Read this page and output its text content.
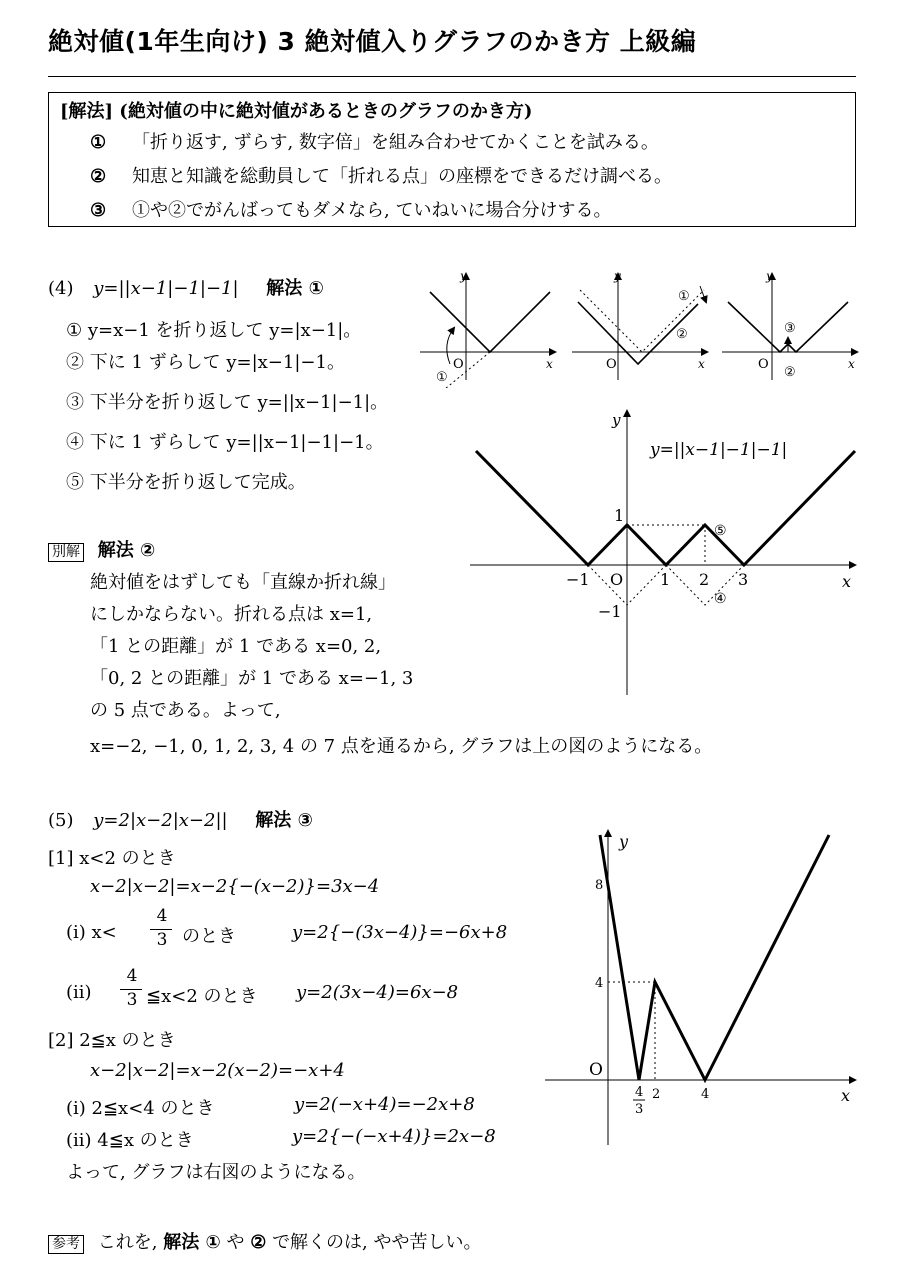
絶対値(1年生向け) 3 絶対値入りグラフのかき方 上級編
[解法] (絶対値の中に絶対値があるときのグラフのかき方)
① 「折り返す, ずらす, 数字倍」を組み合わせてかくことを試みる。
② 知恵と知識を総動員して「折れる点」の座標をできるだけ調べる。
③ ①や②でがんばってもダメなら, ていねいに場合分けする。
(4) y=||x−1|−1|−1| 解法 ①
① y=x−1 を折り返して y=|x−1|。
② 下に 1 ずらして y=|x−1|−1。
③ 下半分を折り返して y=||x−1|−1|。
④ 下に 1 ずらして y=||x−1|−1|−1。
⑤ 下半分を折り返して完成。
別解 解法 ②
絶対値をはずしても「直線か折れ線」
にしかならない。折れる点は x=1,
「1 との距離」が 1 である x=0, 2,
「0, 2 との距離」が 1 である x=−1, 3
の 5 点である。よって,
x=−2, −1, 0, 1, 2, 3, 4 の 7 点を通るから, グラフは上の図のようになる。
y
x
O
①
y
x
O
①
②
y
x
O
③
②
y
x
y=||x−1|−1|−1|
1
−1
−1 O 1 2 3
⑤
④
(5) y=2|x−2|x−2|| 解法 ③
[1] x<2 のとき
x−2|x−2|=x−2{−(x−2)}=3x−4
(i) x<
4
3 のとき	y=2{−(3x−4)}=−6x+8
(ii)
4
3 ≦x<2 のとき y=2(3x−4)=6x−8
[2] 2≦x のとき
x−2|x−2|=x−2(x−2)=−x+4
(i) 2≦x<4 のとき	y=2(−x+4)=−2x+8
(ii) 4≦x のとき	y=2{−(−x+4)}=2x−8
よって, グラフは右図のようになる。
y
x
O
8
4
4
3
2	4
参考 これを, 解法 ① や ② で解くのは, やや苦しい。
